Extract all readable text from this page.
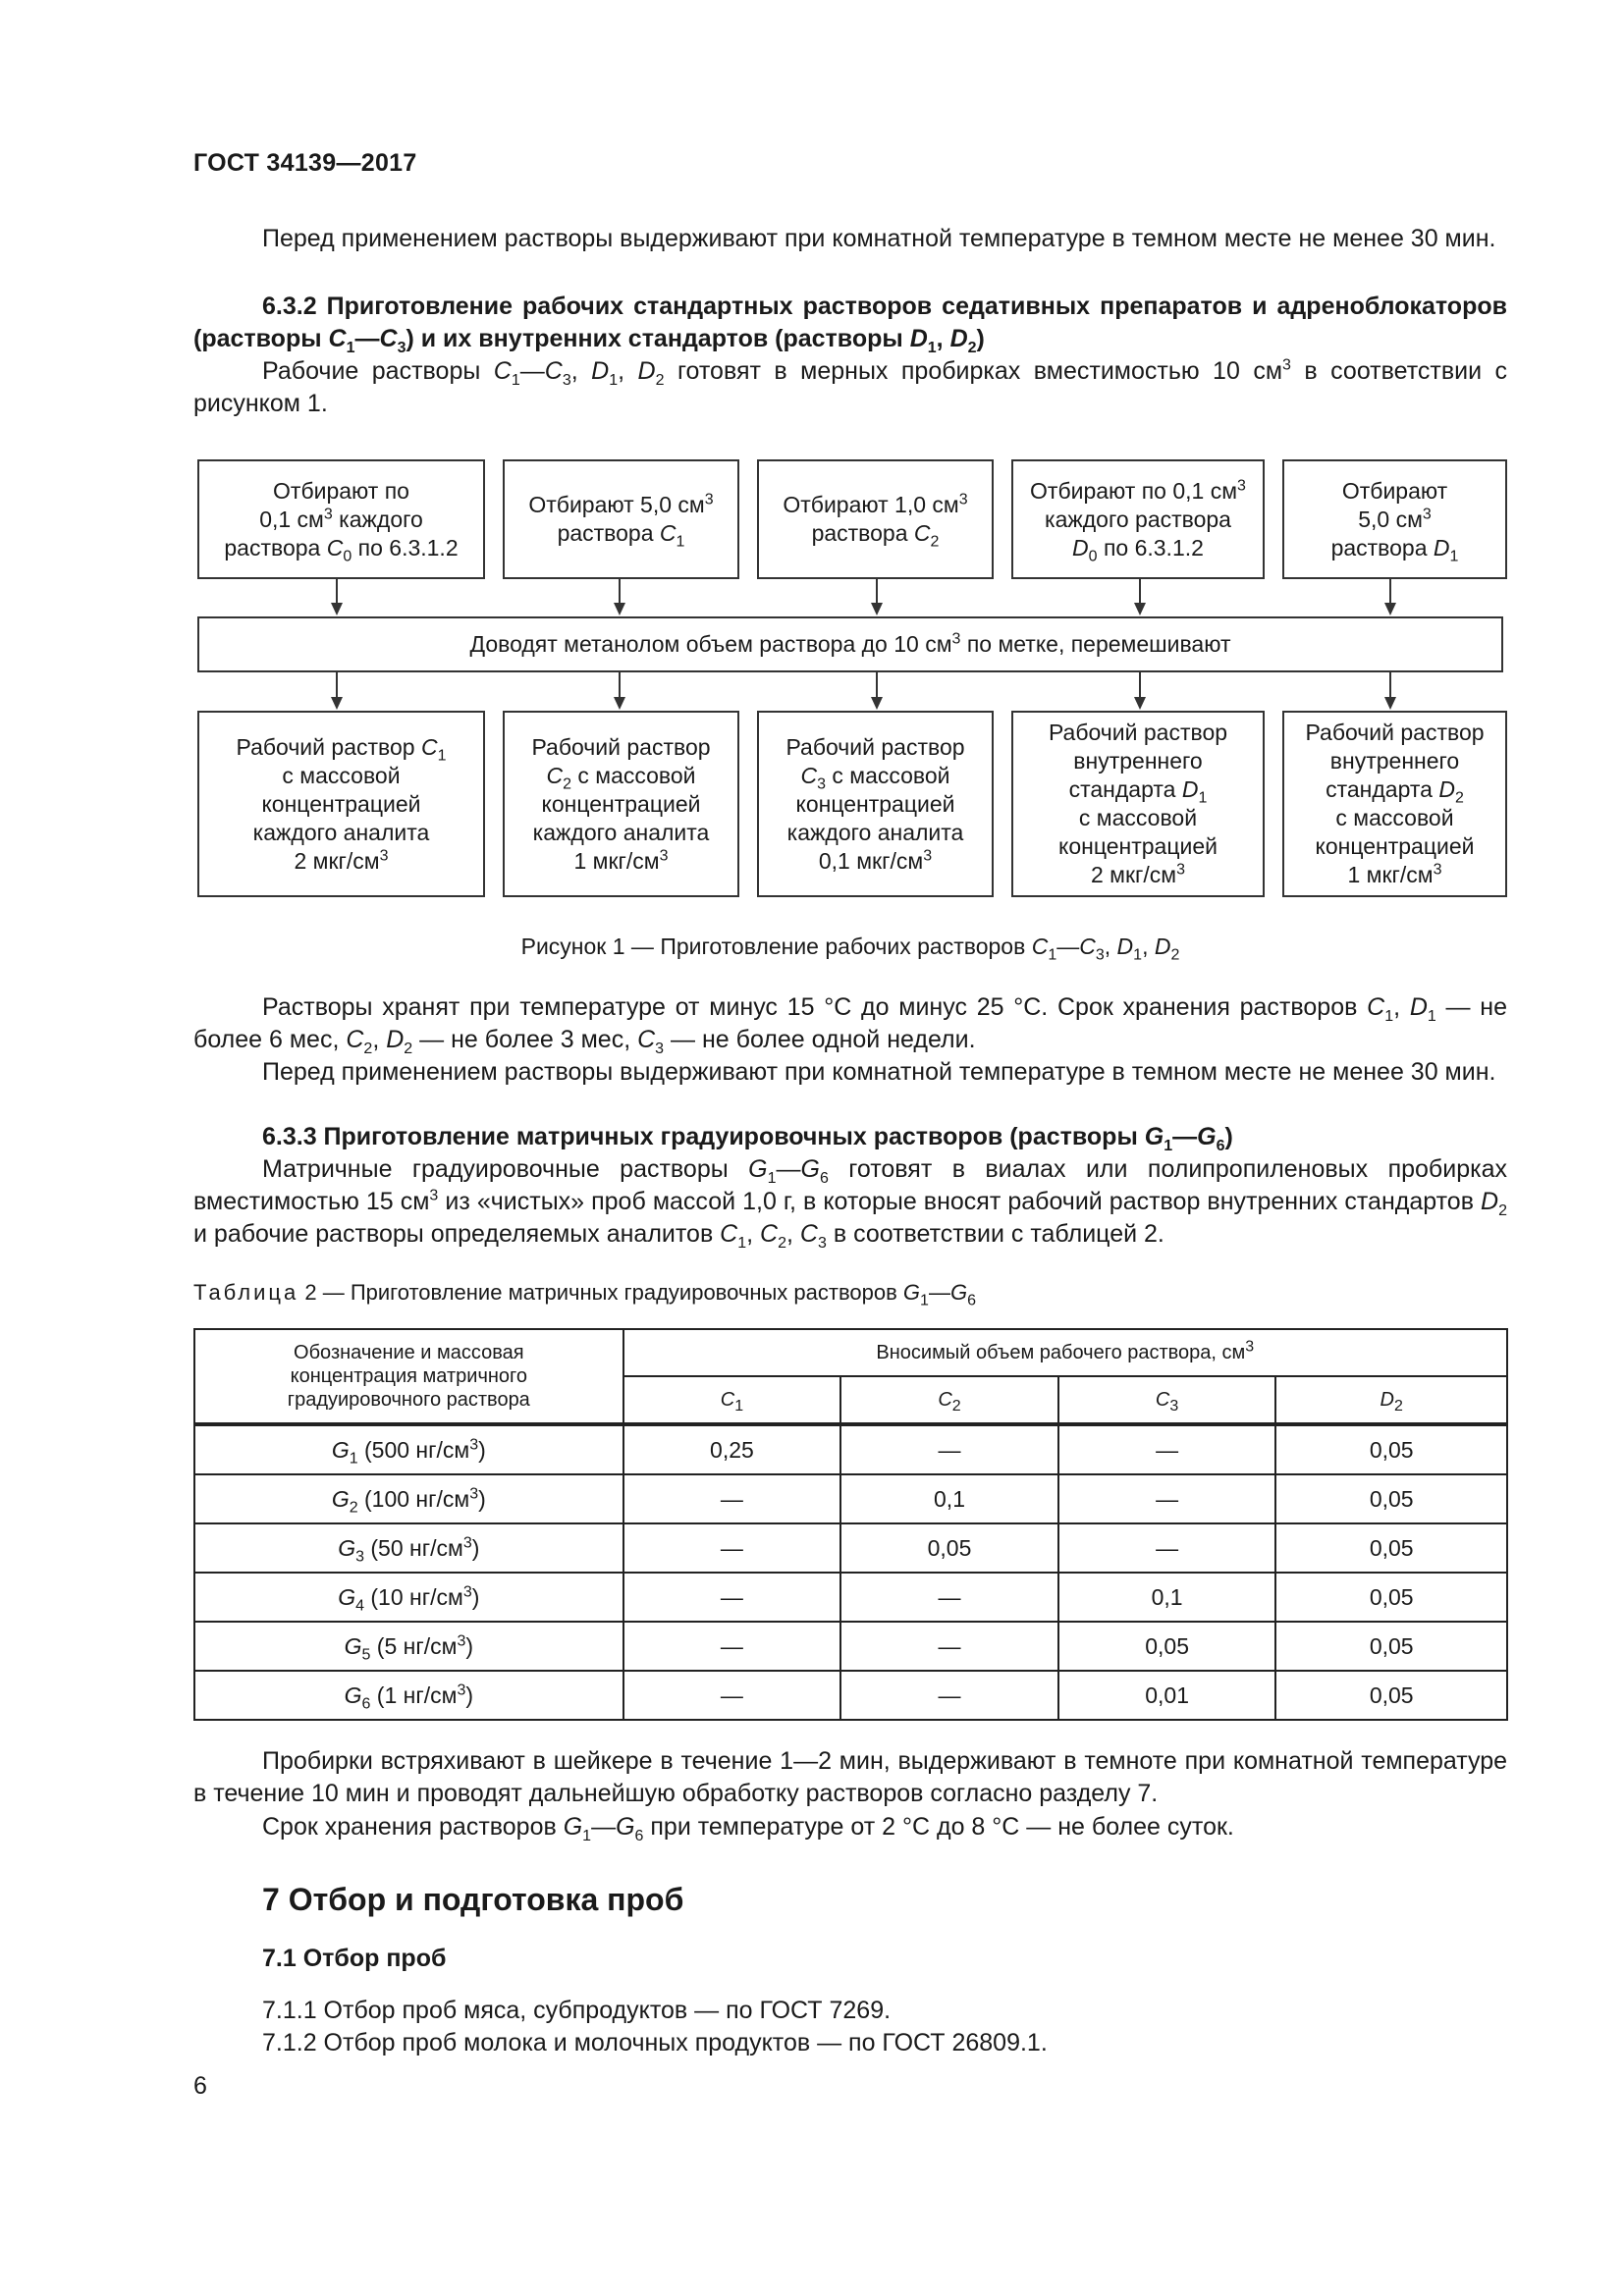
ГОСТ 34139—2017
Перед применением растворы выдерживают при комнатной температуре в темном месте не менее 30 мин.
6.3.2 Приготовление рабочих стандартных растворов седативных препаратов и адреноблокаторов (растворы $C_1—C_3$) и их внутренних стандартов (растворы $D_1$, $D_2$)
Рабочие растворы $C_1—C_3$, $D_1$, $D_2$ готовят в мерных пробирках вместимостью 10 $см^3$ в соответствии с рисунком 1.
Отбирают по
0,1 $см^3$ каждого
раствора $C_0$ по 6.3.1.2
Отбирают 5,0 $см^3$
раствора $C_1$
Отбирают 1,0 $см^3$
раствора $C_2$
Отбирают по 0,1 $см^3$
каждого раствора
$D_0$ по 6.3.1.2
Отбирают
5,0 $см^3$
раствора $D_1$
Доводят метанолом объем раствора до 10 $см^3$ по метке, перемешивают
Рабочий раствор $C_1$
с массовой
концентрацией
каждого аналита
2 мкг/$см^3$
Рабочий раствор
$C_2$ с массовой
концентрацией
каждого аналита
1 мкг/$см^3$
Рабочий раствор
$C_3$ с массовой
концентрацией
каждого аналита
0,1 мкг/$см^3$
Рабочий раствор
внутреннего
стандарта $D_1$
с массовой
концентрацией
2 мкг/$см^3$
Рабочий раствор
внутреннего
стандарта $D_2$
с массовой
концентрацией
1 мкг/$см^3$
Рисунок 1 — Приготовление рабочих растворов $C_1—C_3$, $D_1$, $D_2$
Растворы хранят при температуре от минус 15 °C до минус 25 °C. Срок хранения растворов $C_1$, $D_1$ — не более 6 мес, $C_2$, $D_2$ — не более 3 мес, $C_3$ — не более одной недели.
Перед применением растворы выдерживают при комнатной температуре в темном месте не менее 30 мин.
6.3.3 Приготовление матричных градуировочных растворов (растворы $G_1—G_6$)
Матричные градуировочные растворы $G_1—G_6$ готовят в виалах или полипропиленовых пробирках вместимостью 15 $см^3$ из «чистых» проб массой 1,0 г, в которые вносят рабочий раствор внутренних стандартов $D_2$ и рабочие растворы определяемых аналитов $C_1$, $C_2$, $C_3$ в соответствии с таблицей 2.
Таблица 2 — Приготовление матричных градуировочных растворов $G_1—G_6$
Обозначение и массовая концентрация матричного градуировочного раствора	Вносимый объем рабочего раствора, $см^3$
	$C_1$	$C_2$	$C_3$	$D_2$
$G_1$ (500 $нг/см^3$)	0,25	—	—	0,05
$G_2$ (100 $нг/см^3$)	—	0,1	—	0,05
$G_3$ (50 $нг/см^3$)	—	0,05	—	0,05
$G_4$ (10 $нг/см^3$)	—	—	0,1	0,05
$G_5$ (5 $нг/см^3$)	—	—	0,05	0,05
$G_6$ (1 $нг/см^3$)	—	—	0,01	0,05
Пробирки встряхивают в шейкере в течение 1—2 мин, выдерживают в темноте при комнатной температуре в течение 10 мин и проводят дальнейшую обработку растворов согласно разделу 7.
Срок хранения растворов $G_1—G_6$ при температуре от 2 °C до 8 °C — не более суток.
7 Отбор и подготовка проб
7.1 Отбор проб
7.1.1 Отбор проб мяса, субпродуктов — по ГОСТ 7269.
7.1.2 Отбор проб молока и молочных продуктов — по ГОСТ 26809.1.
6
